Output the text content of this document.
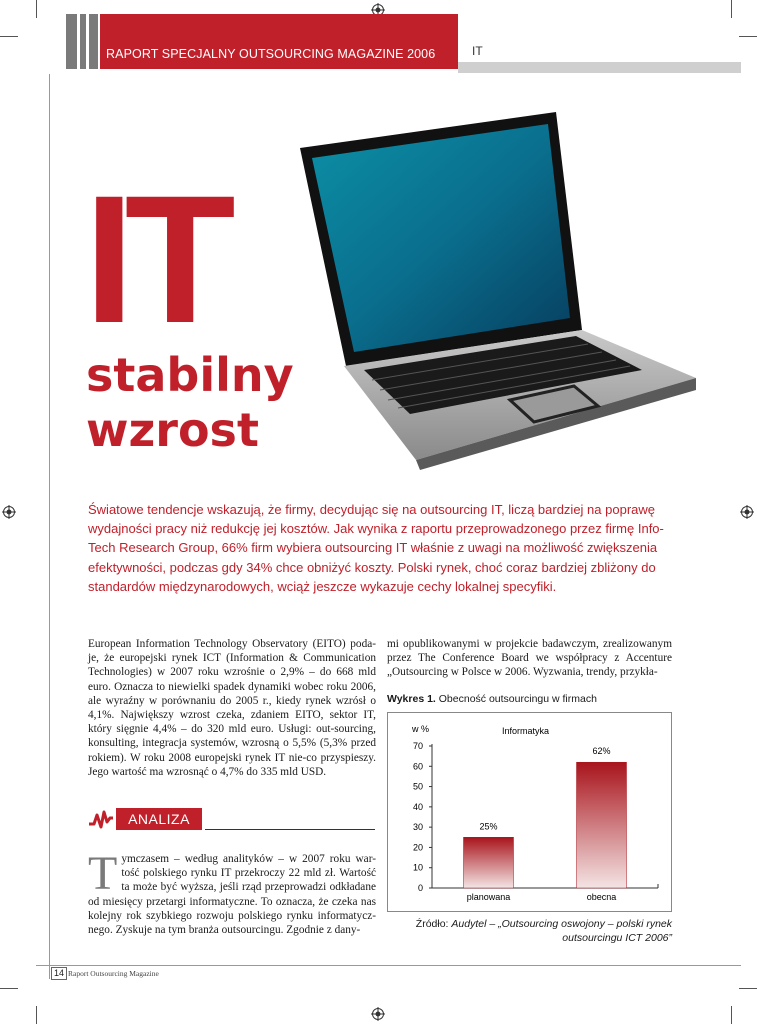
RAPORT SPECJALNY OUTSOURCING MAGAZINE 2006	IT
IT
stabilny
wzrost
Światowe tendencje wskazują, że firmy, decydując się na outsourcing IT, liczą bardziej na poprawę wydajności pracy niż redukcję jej kosztów. Jak wynika z raportu przeprowadzonego przez firmę Info-Tech Research Group, 66% firm wybiera outsourcing IT właśnie z uwagi na możliwość zwiększenia efektywności, podczas gdy 34% chce obniżyć koszty. Polski rynek, choć coraz bardziej zbliżony do standardów międzynarodowych, wciąż jeszcze wykazuje cechy lokalnej specyfiki.
European Information Technology Observatory (EITO) poda-je, że europejski rynek ICT (Information & Communication Technologies) w 2007 roku wzrośnie o 2,9% – do 668 mld euro. Oznacza to niewielki spadek dynamiki wobec roku 2006, ale wyraźny w porównaniu do 2005 r., kiedy rynek wzrósł o 4,1%. Największy wzrost czeka, zdaniem EITO, sektor IT, który sięgnie 4,4% – do 320 mld euro. Usługi: out-sourcing, konsulting, integracja systemów, wzrosną o 5,5% (5,3% przed rokiem). W roku 2008 europejski rynek IT nie-co przyspieszy. Jego wartość ma wzrosnąć o 4,7% do 335 mld USD.
mi opublikowanymi w projekcie badawczym, zrealizowanym przez The Conference Board we współpracy z Accenture „Outsourcing w Polsce w 2006. Wyzwania, trendy, przykła-
ANALIZA
Tymczasem – według analityków – w 2007 roku war-tość polskiego rynku IT przekroczy 22 mld zł. Wartość ta może być wyższa, jeśli rząd przeprowadzi odkładane od miesięcy przetargi informatyczne. To oznacza, że czeka nas kolejny rok szybkiego rozwoju polskiego rynku informatycz-nego. Zyskuje na tym branża outsourcingu. Zgodnie z dany-
Wykres 1. Obecność outsourcingu w firmach
w %	Informatyka
0
10
20
30
40
50
60
70
25%
planowana
62%
obecna
Źródło: Audytel – „Outsourcing oswojony – polski rynek outsourcingu ICT 2006”
14 Raport Outsourcing Magazine
